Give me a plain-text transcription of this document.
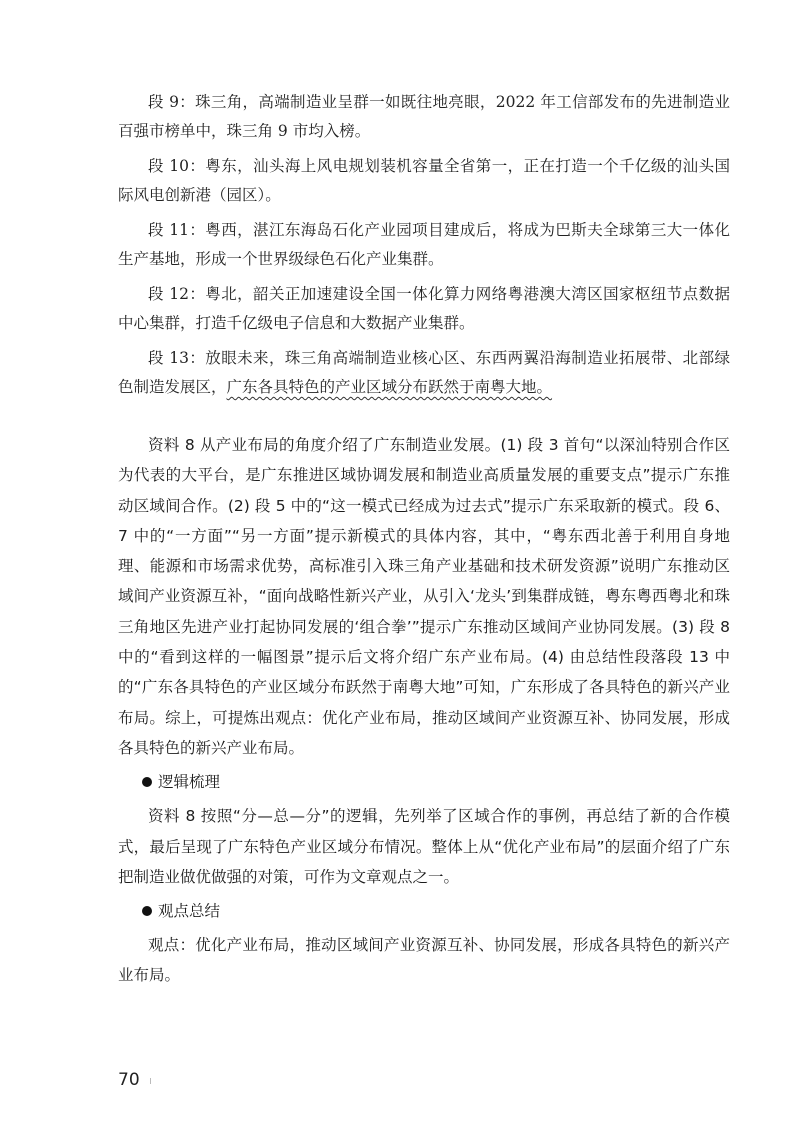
段 9：珠三角，高端制造业呈群一如既往地亮眼，2022 年工信部发布的先进制造业百强市榜单中，珠三角 9 市均入榜。

段 10：粤东，汕头海上风电规划装机容量全省第一，正在打造一个千亿级的汕头国际风电创新港（园区）。

段 11：粤西，湛江东海岛石化产业园项目建成后，将成为巴斯夫全球第三大一体化生产基地，形成一个世界级绿色石化产业集群。

段 12：粤北，韶关正加速建设全国一体化算力网络粤港澳大湾区国家枢纽节点数据中心集群，打造千亿级电子信息和大数据产业集群。

段 13：放眼未来，珠三角高端制造业核心区、东西两翼沿海制造业拓展带、北部绿色制造发展区，广东各具特色的产业区域分布跃然于南粤大地。

资料 8 从产业布局的角度介绍了广东制造业发展。(1) 段 3 首句“以深汕特别合作区为代表的大平台，是广东推进区域协调发展和制造业高质量发展的重要支点”提示广东推动区域间合作。(2) 段 5 中的“这一模式已经成为过去式”提示广东采取新的模式。段 6、7 中的“一方面”“另一方面”提示新模式的具体内容，其中，“粤东西北善于利用自身地理、能源和市场需求优势，高标准引入珠三角产业基础和技术研发资源”说明广东推动区域间产业资源互补，“面向战略性新兴产业，从引入‘龙头’到集群成链，粤东粤西粤北和珠三角地区先进产业打起协同发展的‘组合拳’”提示广东推动区域间产业协同发展。(3) 段 8 中的“看到这样的一幅图景”提示后文将介绍广东产业布局。(4) 由总结性段落段 13 中的“广东各具特色的产业区域分布跃然于南粤大地”可知，广东形成了各具特色的新兴产业布局。综上，可提炼出观点：优化产业布局，推动区域间产业资源互补、协同发展，形成各具特色的新兴产业布局。

逻辑梳理

资料 8 按照“分—总—分”的逻辑，先列举了区域合作的事例，再总结了新的合作模式，最后呈现了广东特色产业区域分布情况。整体上从“优化产业布局”的层面介绍了广东把制造业做优做强的对策，可作为文章观点之一。

观点总结

观点：优化产业布局，推动区域间产业资源互补、协同发展，形成各具特色的新兴产业布局。

70
